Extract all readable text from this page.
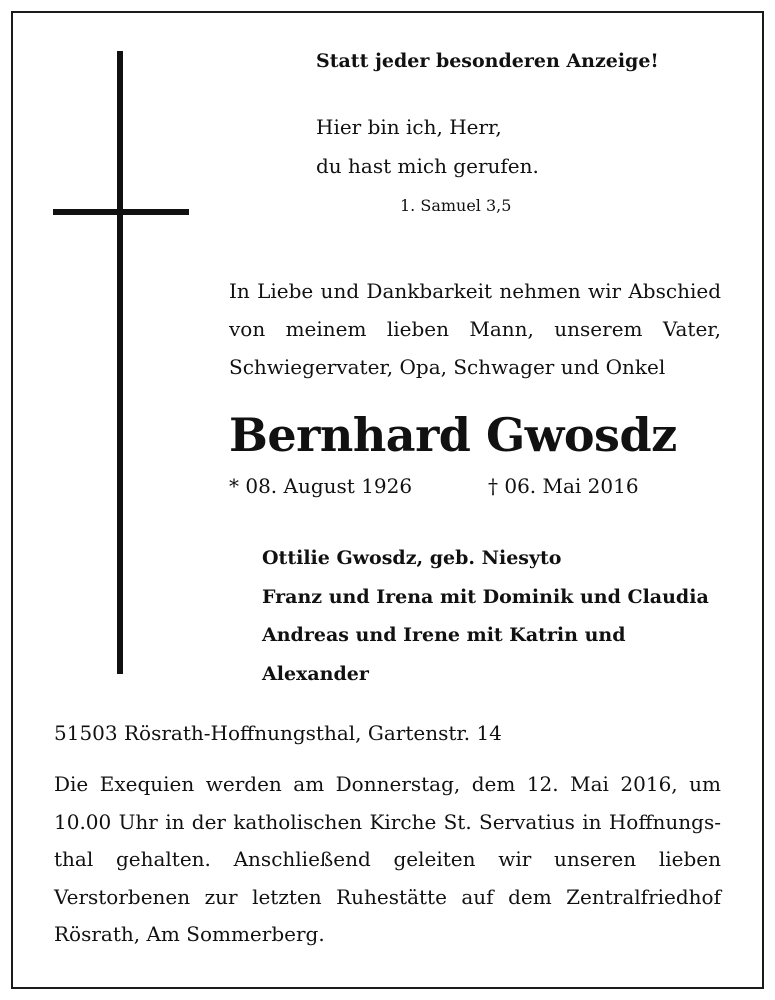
Statt jeder besonderen Anzeige!
Hier bin ich, Herr,
du hast mich gerufen.
1. Samuel 3,5
In Liebe und Dankbarkeit nehmen wir Abschied
von meinem lieben Mann, unserem Vater,
Schwiegervater, Opa, Schwager und Onkel
Bernhard Gwosdz
* 08. August 1926	† 06. Mai 2016
Ottilie Gwosdz, geb. Niesyto
Franz und Irena mit Dominik und Claudia
Andreas und Irene mit Katrin und
Alexander
51503 Rösrath-Hoffnungsthal, Gartenstr. 14
Die Exequien werden am Donnerstag, dem 12. Mai 2016, um
10.00 Uhr in der katholischen Kirche St. Servatius in Hoffnungs-
thal gehalten. Anschließend geleiten wir unseren lieben
Verstorbenen zur letzten Ruhestätte auf dem Zentralfriedhof
Rösrath, Am Sommerberg.
